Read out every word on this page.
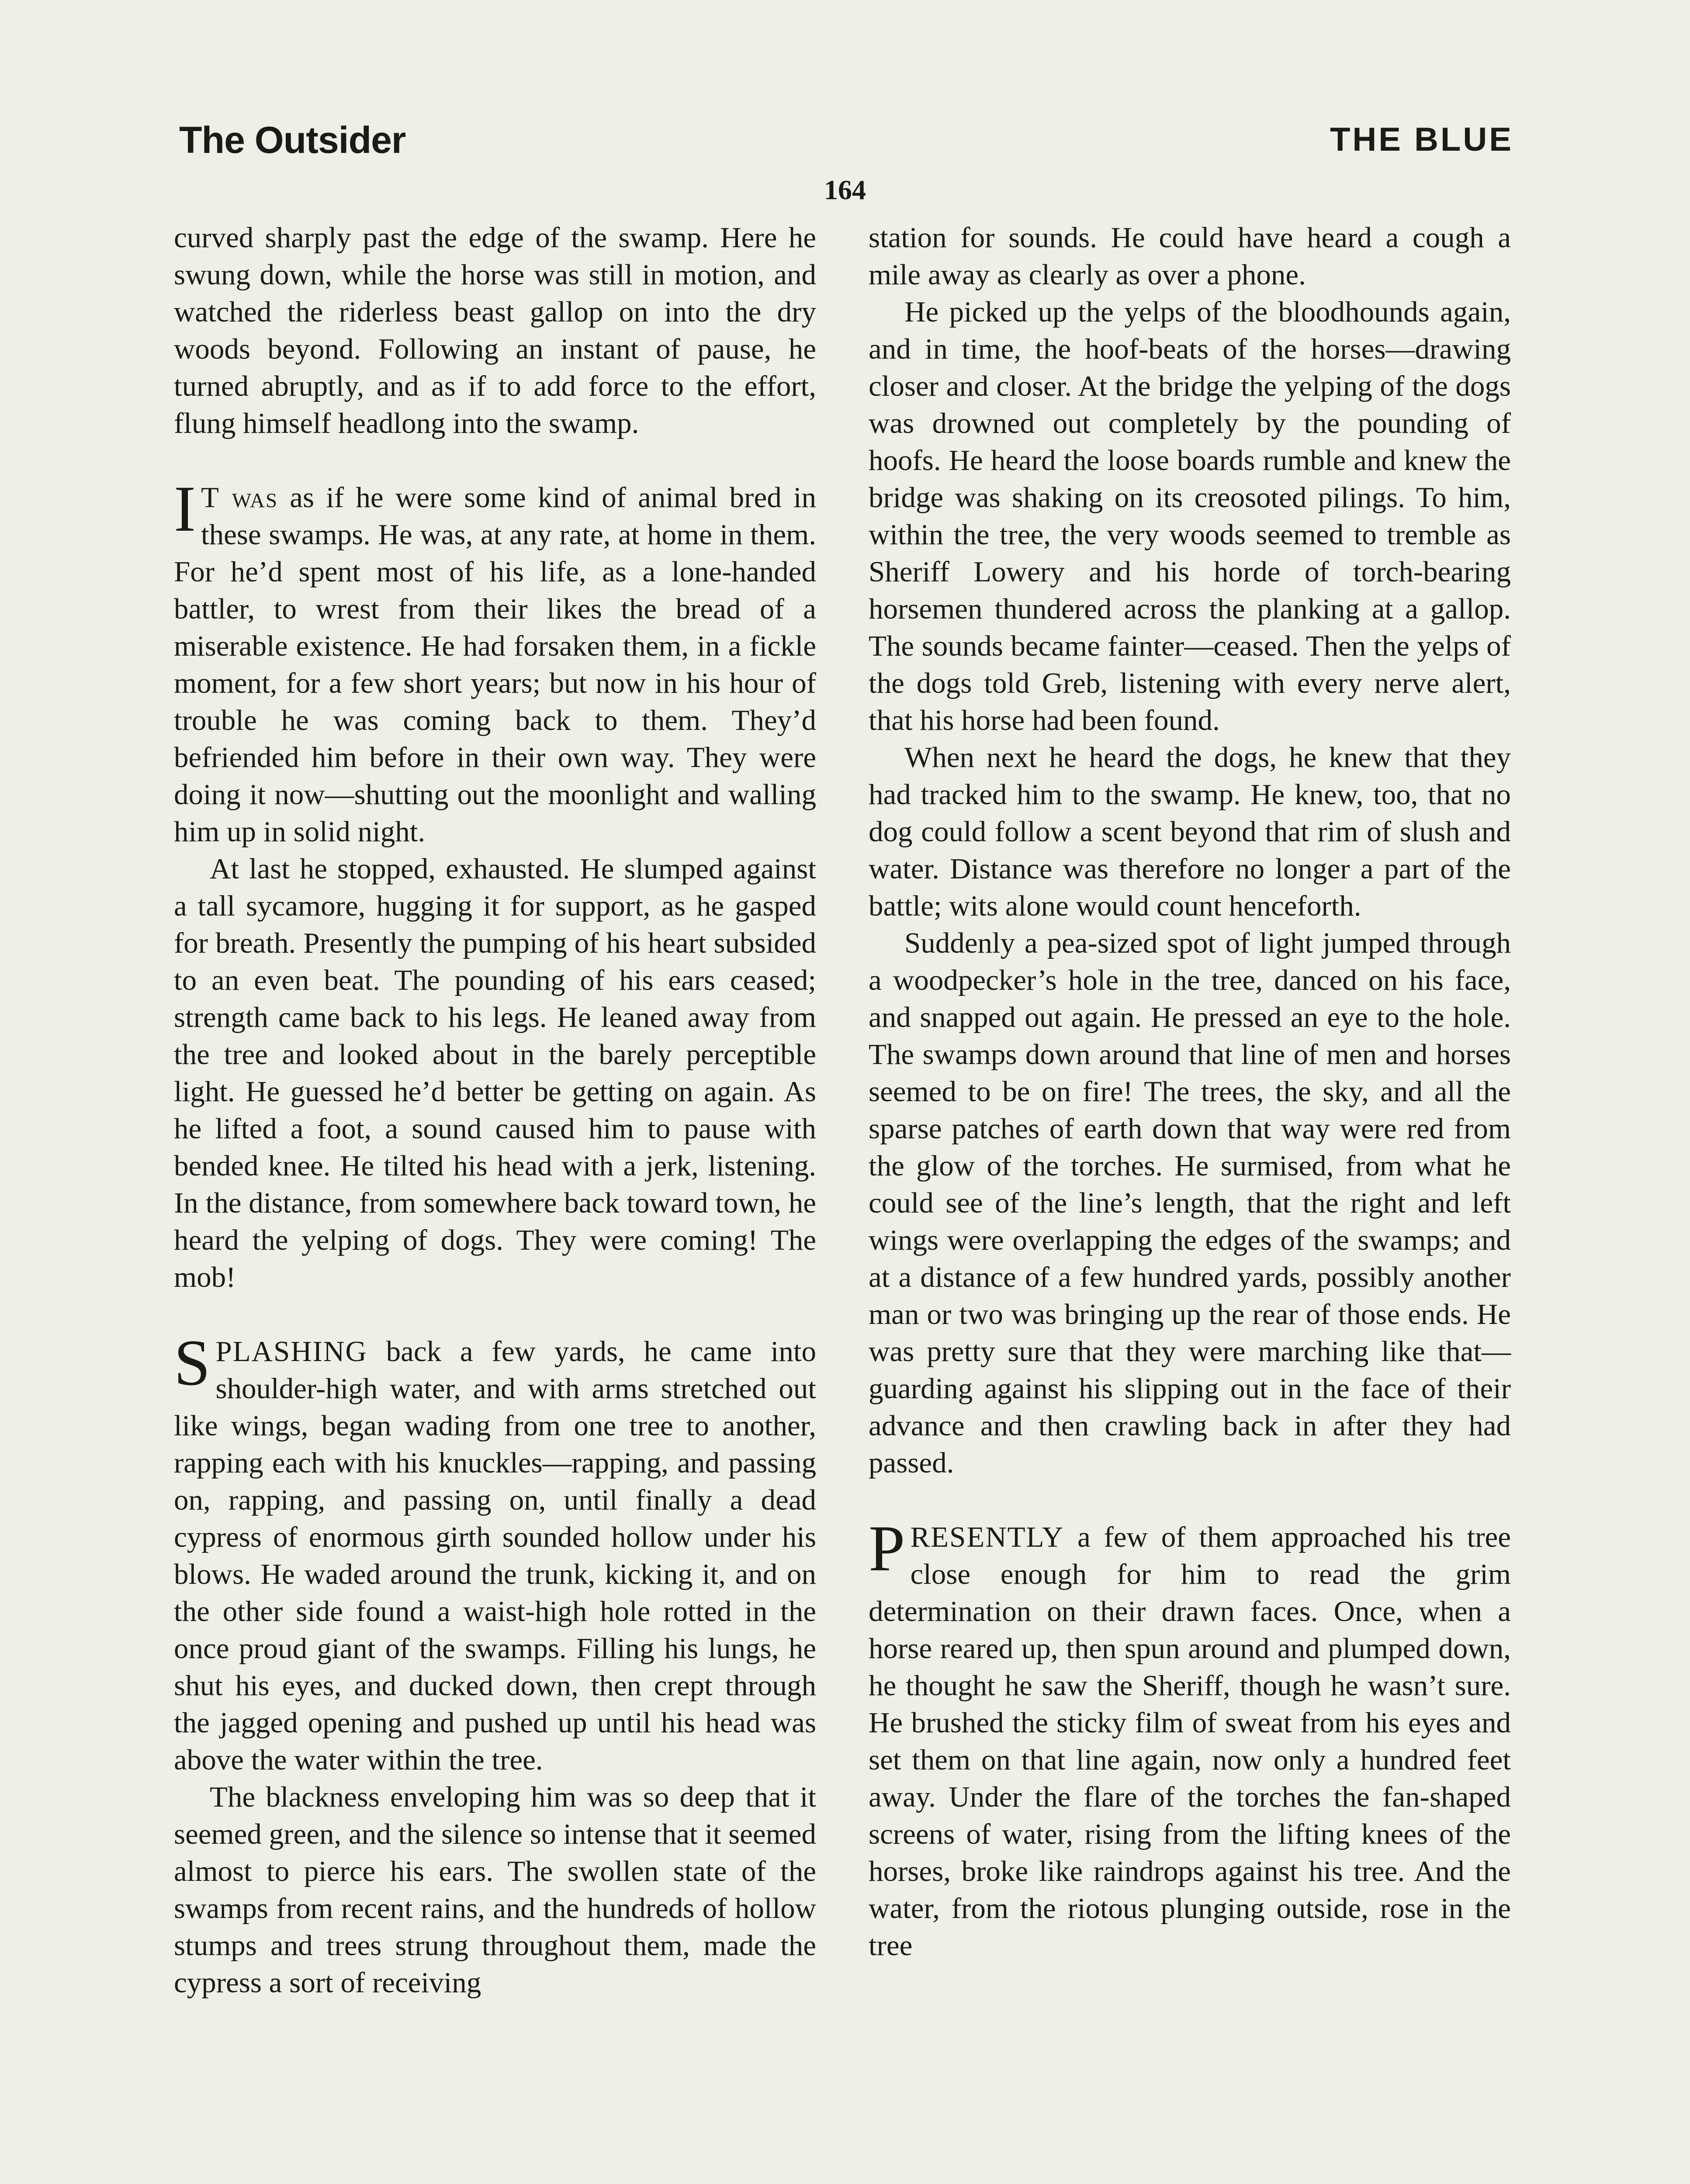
The Outsider	THE BLUE
164

curved sharply past the edge of the swamp. Here he swung down, while the horse was still in motion, and watched the riderless beast gallop on into the dry woods beyond. Following an instant of pause, he turned abruptly, and as if to add force to the effort, flung himself headlong into the swamp.

I T was as if he were some kind of animal bred in these swamps. He was, at any rate, at home in them. For he’d spent most of his life, as a lone-handed battler, to wrest from their likes the bread of a miserable existence. He had forsaken them, in a fickle moment, for a few short years; but now in his hour of trouble he was coming back to them. They’d befriended him before in their own way. They were doing it now—shutting out the moonlight and walling him up in solid night.

At last he stopped, exhausted. He slumped against a tall sycamore, hugging it for support, as he gasped for breath. Presently the pumping of his heart subsided to an even beat. The pounding of his ears ceased; strength came back to his legs. He leaned away from the tree and looked about in the barely perceptible light. He guessed he’d better be getting on again. As he lifted a foot, a sound caused him to pause with bended knee. He tilted his head with a jerk, listening. In the distance, from somewhere back toward town, he heard the yelping of dogs. They were coming! The mob!

SPLASHING back a few yards, he came into shoulder-high water, and with arms stretched out like wings, began wading from one tree to another, rapping each with his knuckles—rapping, and passing on, rapping, and passing on, until finally a dead cypress of enormous girth sounded hollow under his blows. He waded around the trunk, kicking it, and on the other side found a waist-high hole rotted in the once proud giant of the swamps. Filling his lungs, he shut his eyes, and ducked down, then crept through the jagged opening and pushed up until his head was above the water within the tree.

The blackness enveloping him was so deep that it seemed green, and the silence so intense that it seemed almost to pierce his ears. The swollen state of the swamps from recent rains, and the hundreds of hollow stumps and trees strung throughout them, made the cypress a sort of receiving

station for sounds. He could have heard a cough a mile away as clearly as over a phone.

He picked up the yelps of the bloodhounds again, and in time, the hoof-beats of the horses—drawing closer and closer. At the bridge the yelping of the dogs was drowned out completely by the pounding of hoofs. He heard the loose boards rumble and knew the bridge was shaking on its creosoted pilings. To him, within the tree, the very woods seemed to tremble as Sheriff Lowery and his horde of torch-bearing horsemen thundered across the planking at a gallop. The sounds became fainter—ceased. Then the yelps of the dogs told Greb, listening with every nerve alert, that his horse had been found.

When next he heard the dogs, he knew that they had tracked him to the swamp. He knew, too, that no dog could follow a scent beyond that rim of slush and water. Distance was therefore no longer a part of the battle; wits alone would count henceforth.

Suddenly a pea-sized spot of light jumped through a woodpecker’s hole in the tree, danced on his face, and snapped out again. He pressed an eye to the hole. The swamps down around that line of men and horses seemed to be on fire! The trees, the sky, and all the sparse patches of earth down that way were red from the glow of the torches. He surmised, from what he could see of the line’s length, that the right and left wings were overlapping the edges of the swamps; and at a distance of a few hundred yards, possibly another man or two was bringing up the rear of those ends. He was pretty sure that they were marching like that—guarding against his slipping out in the face of their advance and then crawling back in after they had passed.

PRESENTLY a few of them approached his tree close enough for him to read the grim determination on their drawn faces. Once, when a horse reared up, then spun around and plumped down, he thought he saw the Sheriff, though he wasn’t sure. He brushed the sticky film of sweat from his eyes and set them on that line again, now only a hundred feet away. Under the flare of the torches the fan-shaped screens of water, rising from the lifting knees of the horses, broke like raindrops against his tree. And the water, from the riotous plunging outside, rose in the tree
